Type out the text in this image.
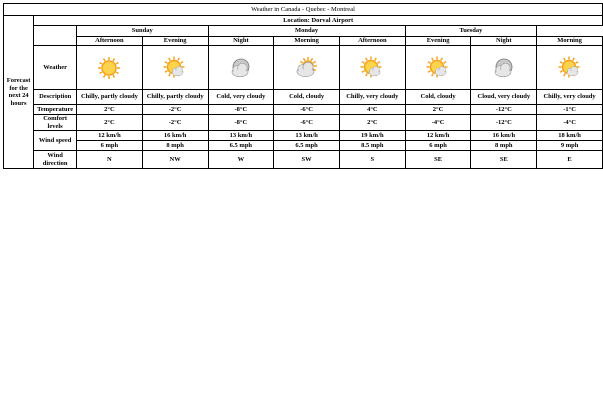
Weather in Canada - Quebec - Montreal									
Forecast for the next 24 hours	Location: Dorval Airport								
		Sunday		Monday			Tuesday		
		Afternoon	Evening	Night	Morning	Afternoon	Evening	Night	Morning
	Weather	

	Description	Chilly, partly cloudy	Chilly, partly cloudy	Cold, very cloudy	Cold, cloudy	Chilly, very cloudy	Cold, cloudy	Cloud, very cloudy	Chilly, very cloudy
	Temperature	2°C	-2°C	-8°C	-6°C	4°C	2°C	-12°C	-1°C
	Comfort levels	2°C	-2°C	-8°C	-6°C	2°C	-4°C	-12°C	-4°C
	Wind speed	12 km/h	16 km/h	13 km/h	13 km/h	19 km/h	12 km/h	16 km/h	18 km/h
		6 mph	8 mph	6.5 mph	6.5 mph	8.5 mph	6 mph	8 mph	9 mph
	Wind direction	N	NW	W	SW	S	SE	SE	E
